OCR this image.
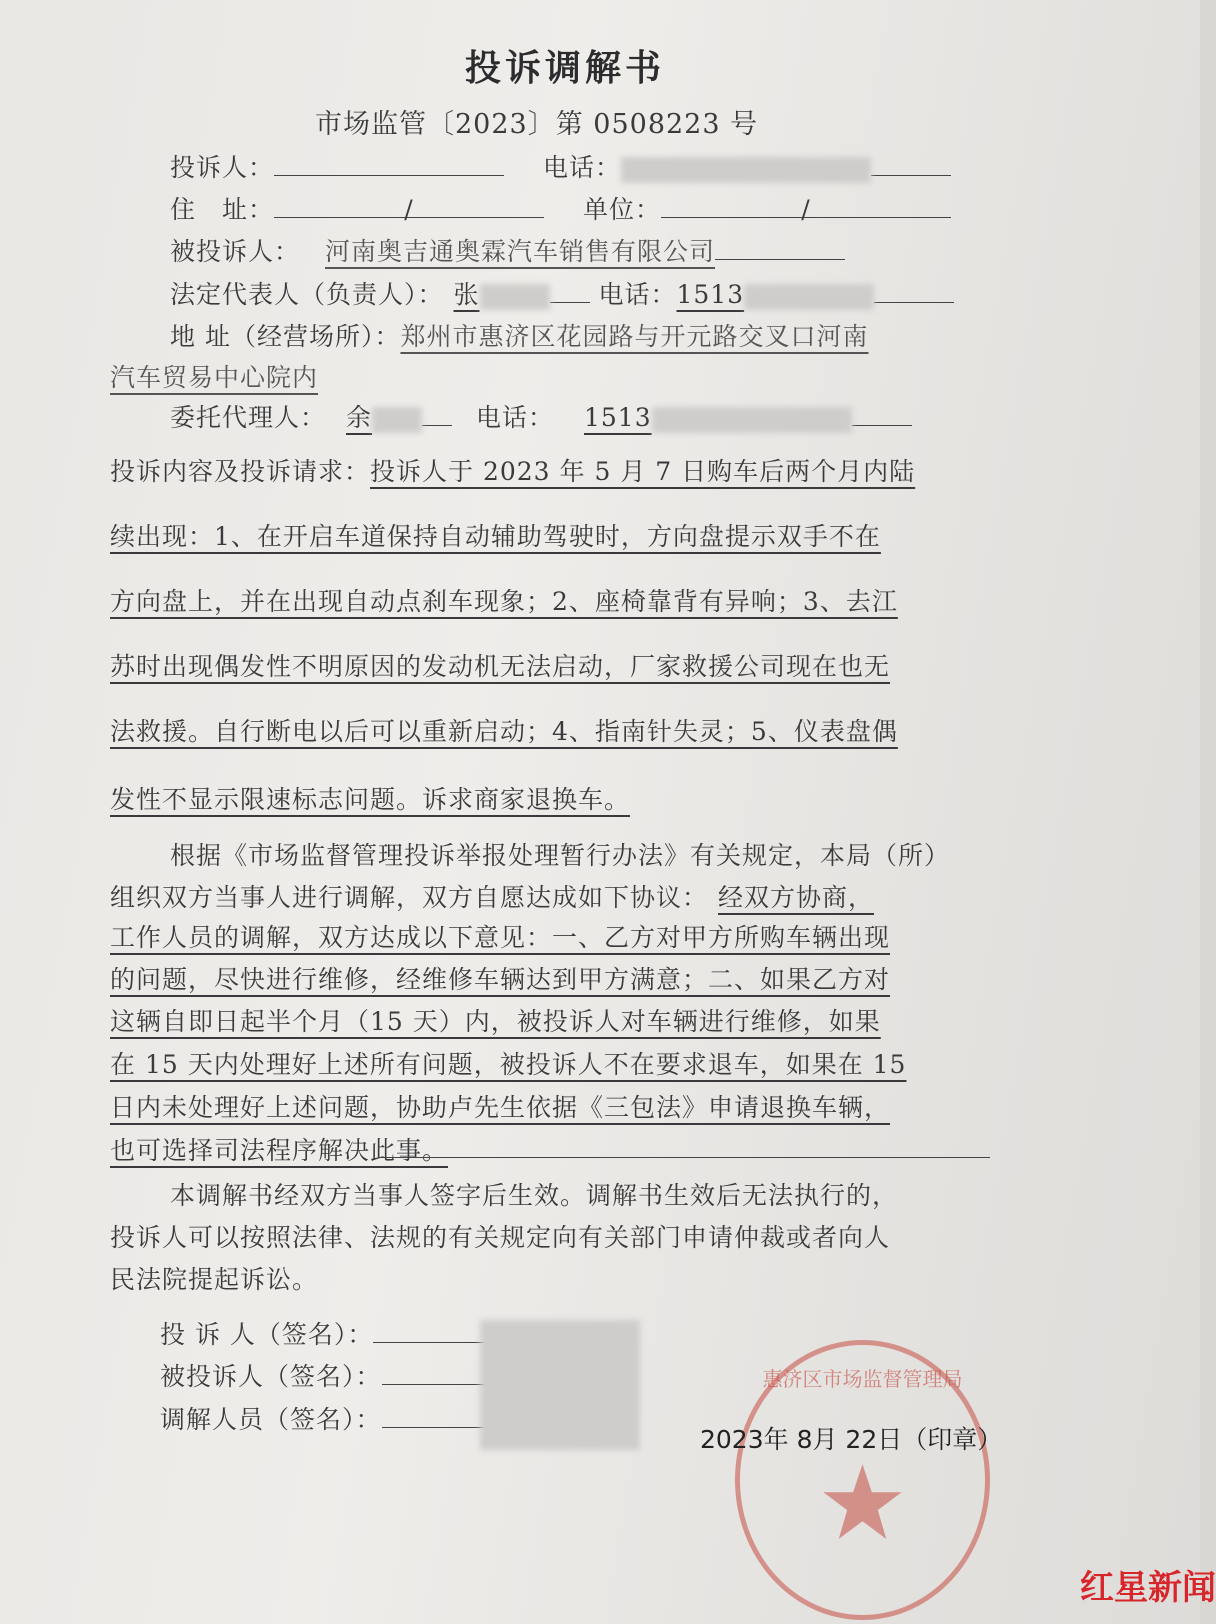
投诉调解书
市场监管〔2023〕第 0508223 号
投诉人：	电话：
住　址：	/	单位：	/
被投诉人： 河南奥吉通奥霖汽车销售有限公司
法定代表人（负责人）： 张	电话：1513
地 址（经营场所）：郑州市惠济区花园路与开元路交叉口河南
汽车贸易中心院内
委托代理人： 余	电话： 1513
投诉内容及投诉请求：投诉人于 2023 年 5 月 7 日购车后两个月内陆
续出现：1、在开启车道保持自动辅助驾驶时，方向盘提示双手不在
方向盘上，并在出现自动点刹车现象；2、座椅靠背有异响；3、去江
苏时出现偶发性不明原因的发动机无法启动，厂家救援公司现在也无
法救援。自行断电以后可以重新启动；4、指南针失灵；5、仪表盘偶
发性不显示限速标志问题。诉求商家退换车。
根据《市场监督管理投诉举报处理暂行办法》有关规定，本局（所）
组织双方当事人进行调解，双方自愿达成如下协议： 经双方协商，
工作人员的调解，双方达成以下意见：一、乙方对甲方所购车辆出现
的问题，尽快进行维修，经维修车辆达到甲方满意；二、如果乙方对
这辆自即日起半个月（15 天）内，被投诉人对车辆进行维修，如果
在 15 天内处理好上述所有问题，被投诉人不在要求退车，如果在 15
日内未处理好上述问题，协助卢先生依据《三包法》申请退换车辆，
也可选择司法程序解决此事。
本调解书经双方当事人签字后生效。调解书生效后无法执行的，
投诉人可以按照法律、法规的有关规定向有关部门申请仲裁或者向人
民法院提起诉讼。
投 诉 人（签名）：
被投诉人（签名）：
调解人员（签名）：
惠济区市场监督管理局
2023年 8月 22日（印章）
红星新闻
